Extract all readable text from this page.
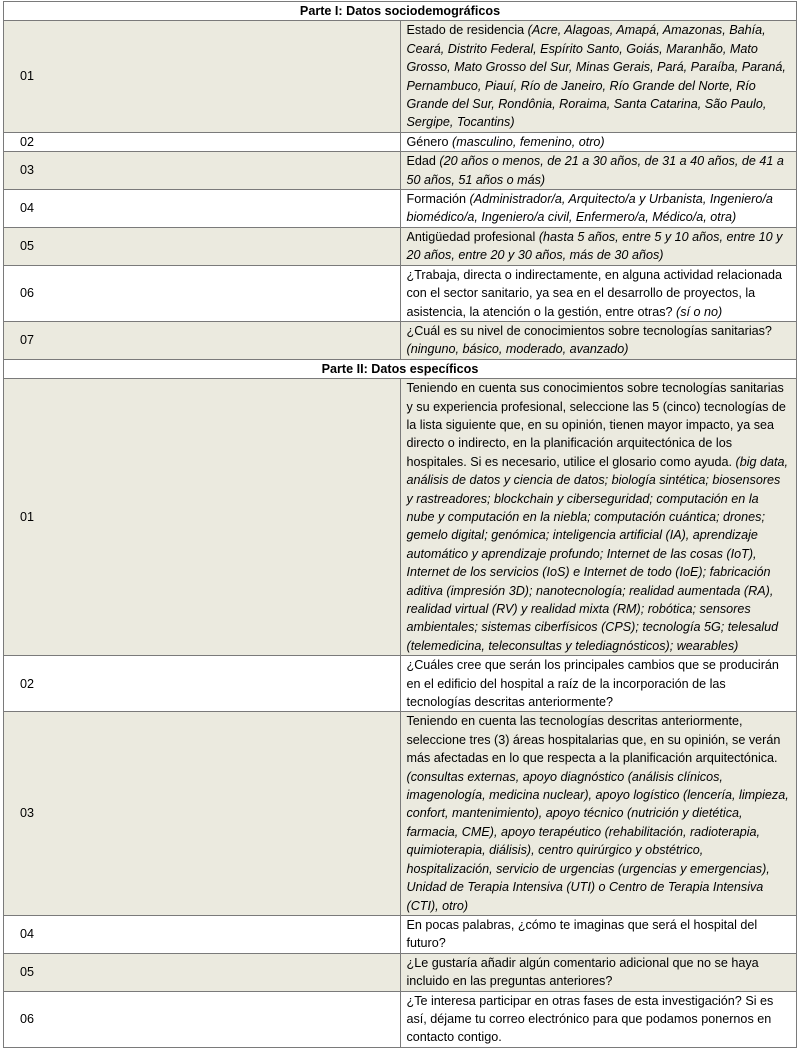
Parte I: Datos sociodemográficos	
01	Estado de residencia (Acre, Alagoas, Amapá, Amazonas, Bahía, Ceará, Distrito Federal, Espírito Santo, Goiás, Maranhão, Mato Grosso, Mato Grosso del Sur, Minas Gerais, Pará, Paraíba, Paraná, Pernambuco, Piauí, Río de Janeiro, Río Grande del Norte, Río Grande del Sur, Rondônia, Roraima, Santa Catarina, São Paulo, Sergipe, Tocantins)
02	Género (masculino, femenino, otro)
03	Edad (20 años o menos, de 21 a 30 años, de 31 a 40 años, de 41 a 50 años, 51 años o más)
04	Formación (Administrador/a, Arquitecto/a y Urbanista, Ingeniero/a biomédico/a, Ingeniero/a civil, Enfermero/a, Médico/a, otra)
05	Antigüedad profesional (hasta 5 años, entre 5 y 10 años, entre 10 y 20 años, entre 20 y 30 años, más de 30 años)
06	¿Trabaja, directa o indirectamente, en alguna actividad relacionada con el sector sanitario, ya sea en el desarrollo de proyectos, la asistencia, la atención o la gestión, entre otras? (sí o no)
07	¿Cuál es su nivel de conocimientos sobre tecnologías sanitarias? (ninguno, básico, moderado, avanzado)
Parte II: Datos específicos	
01	Teniendo en cuenta sus conocimientos sobre tecnologías sanitarias y su experiencia profesional, seleccione las 5 (cinco) tecnologías de la lista siguiente que, en su opinión, tienen mayor impacto, ya sea directo o indirecto, en la planificación arquitectónica de los hospitales. Si es necesario, utilice el glosario como ayuda. (big data, análisis de datos y ciencia de datos; biología sintética; biosensores y rastreadores; blockchain y ciberseguridad; computación en la nube y computación en la niebla; computación cuántica; drones; gemelo digital; genómica; inteligencia artificial (IA), aprendizaje automático y aprendizaje profundo; Internet de las cosas (IoT), Internet de los servicios (IoS) e Internet de todo (IoE); fabricación aditiva (impresión 3D); nanotecnología; realidad aumentada (RA), realidad virtual (RV) y realidad mixta (RM); robótica; sensores ambientales; sistemas ciberfísicos (CPS); tecnología 5G; telesalud (telemedicina, teleconsultas y telediagnósticos); wearables)
02	¿Cuáles cree que serán los principales cambios que se producirán en el edificio del hospital a raíz de la incorporación de las tecnologías descritas anteriormente?
03	Teniendo en cuenta las tecnologías descritas anteriormente, seleccione tres (3) áreas hospitalarias que, en su opinión, se verán más afectadas en lo que respecta a la planificación arquitectónica. (consultas externas, apoyo diagnóstico (análisis clínicos, imagenología, medicina nuclear), apoyo logístico (lencería, limpieza, confort, mantenimiento), apoyo técnico (nutrición y dietética, farmacia, CME), apoyo terapéutico (rehabilitación, radioterapia, quimioterapia, diálisis), centro quirúrgico y obstétrico, hospitalización, servicio de urgencias (urgencias y emergencias), Unidad de Terapia Intensiva (UTI) o Centro de Terapia Intensiva (CTI), otro)
04	En pocas palabras, ¿cómo te imaginas que será el hospital del futuro?
05	¿Le gustaría añadir algún comentario adicional que no se haya incluido en las preguntas anteriores?
06	¿Te interesa participar en otras fases de esta investigación? Si es así, déjame tu correo electrónico para que podamos ponernos en contacto contigo.
